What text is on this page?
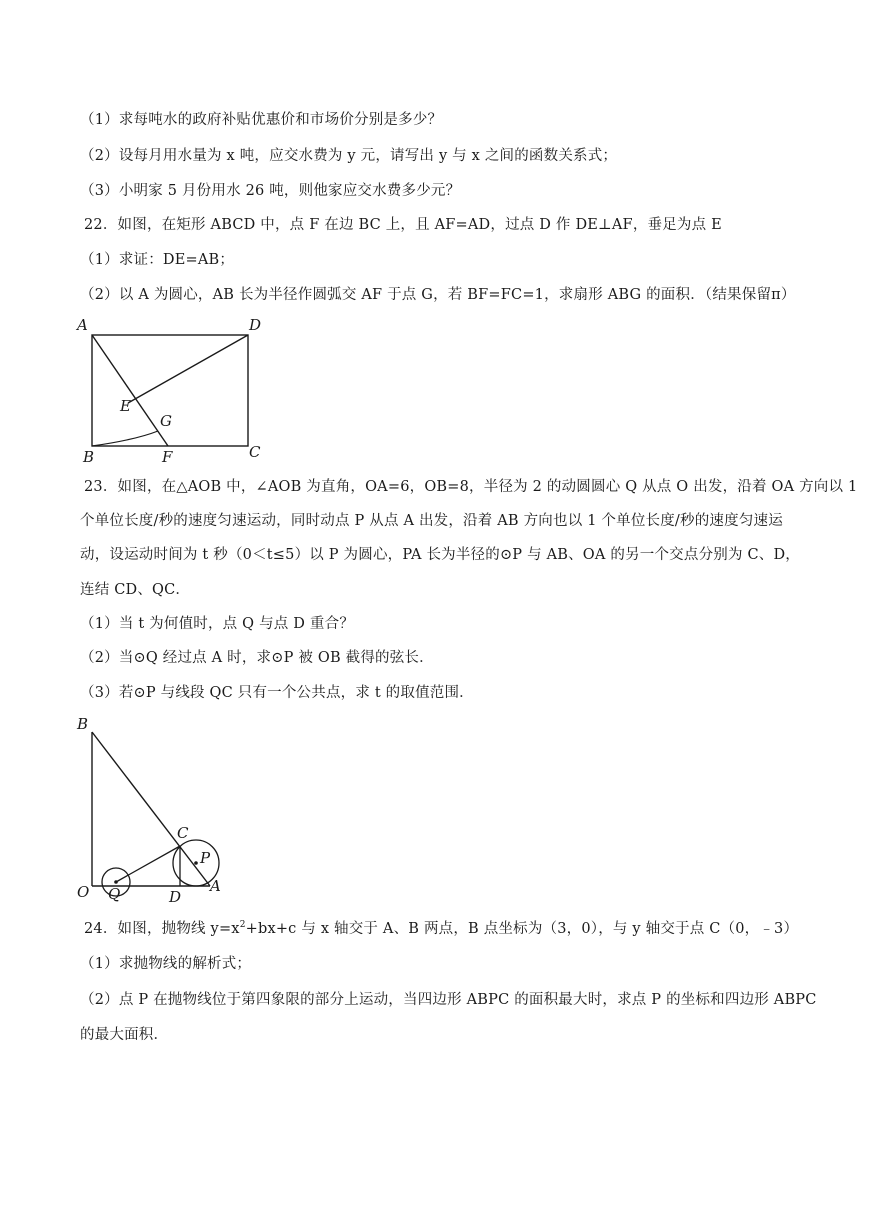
（1）求每吨水的政府补贴优惠价和市场价分别是多少？
（2）设每月用水量为 x 吨，应交水费为 y 元，请写出 y 与 x 之间的函数关系式；
（3）小明家 5 月份用水 26 吨，则他家应交水费多少元？
22．如图，在矩形 ABCD 中，点 F 在边 BC 上，且 AF=AD，过点 D 作 DE⊥AF，垂足为点 E
（1）求证：DE=AB；
（2）以 A 为圆心，AB 长为半径作圆弧交 AF 于点 G，若 BF=FC=1，求扇形 ABG 的面积．（结果保留π）
A	D
E
G
B	F	C
23．如图，在△AOB 中，∠AOB 为直角，OA=6，OB=8，半径为 2 的动圆圆心 Q 从点 O 出发，沿着 OA 方向以 1
个单位长度/秒的速度匀速运动，同时动点 P 从点 A 出发，沿着 AB 方向也以 1 个单位长度/秒的速度匀速运
动，设运动时间为 t 秒（0＜t≤5）以 P 为圆心，PA 长为半径的⊙P 与 AB、OA 的另一个交点分别为 C、D，
连结 CD、QC．
（1）当 t 为何值时，点 Q 与点 D 重合？
（2）当⊙Q 经过点 A 时，求⊙P 被 OB 截得的弦长．
（3）若⊙P 与线段 QC 只有一个公共点，求 t 的取值范围．
B
C
P
O Q	D
A
24．如图，抛物线 $y=x^2+bx+c$ 与 x 轴交于 A、B 两点，B 点坐标为（3，0），与 y 轴交于点 C（0，﹣3）
（1）求抛物线的解析式；
（2）点 P 在抛物线位于第四象限的部分上运动，当四边形 ABPC 的面积最大时，求点 P 的坐标和四边形 ABPC
的最大面积．
